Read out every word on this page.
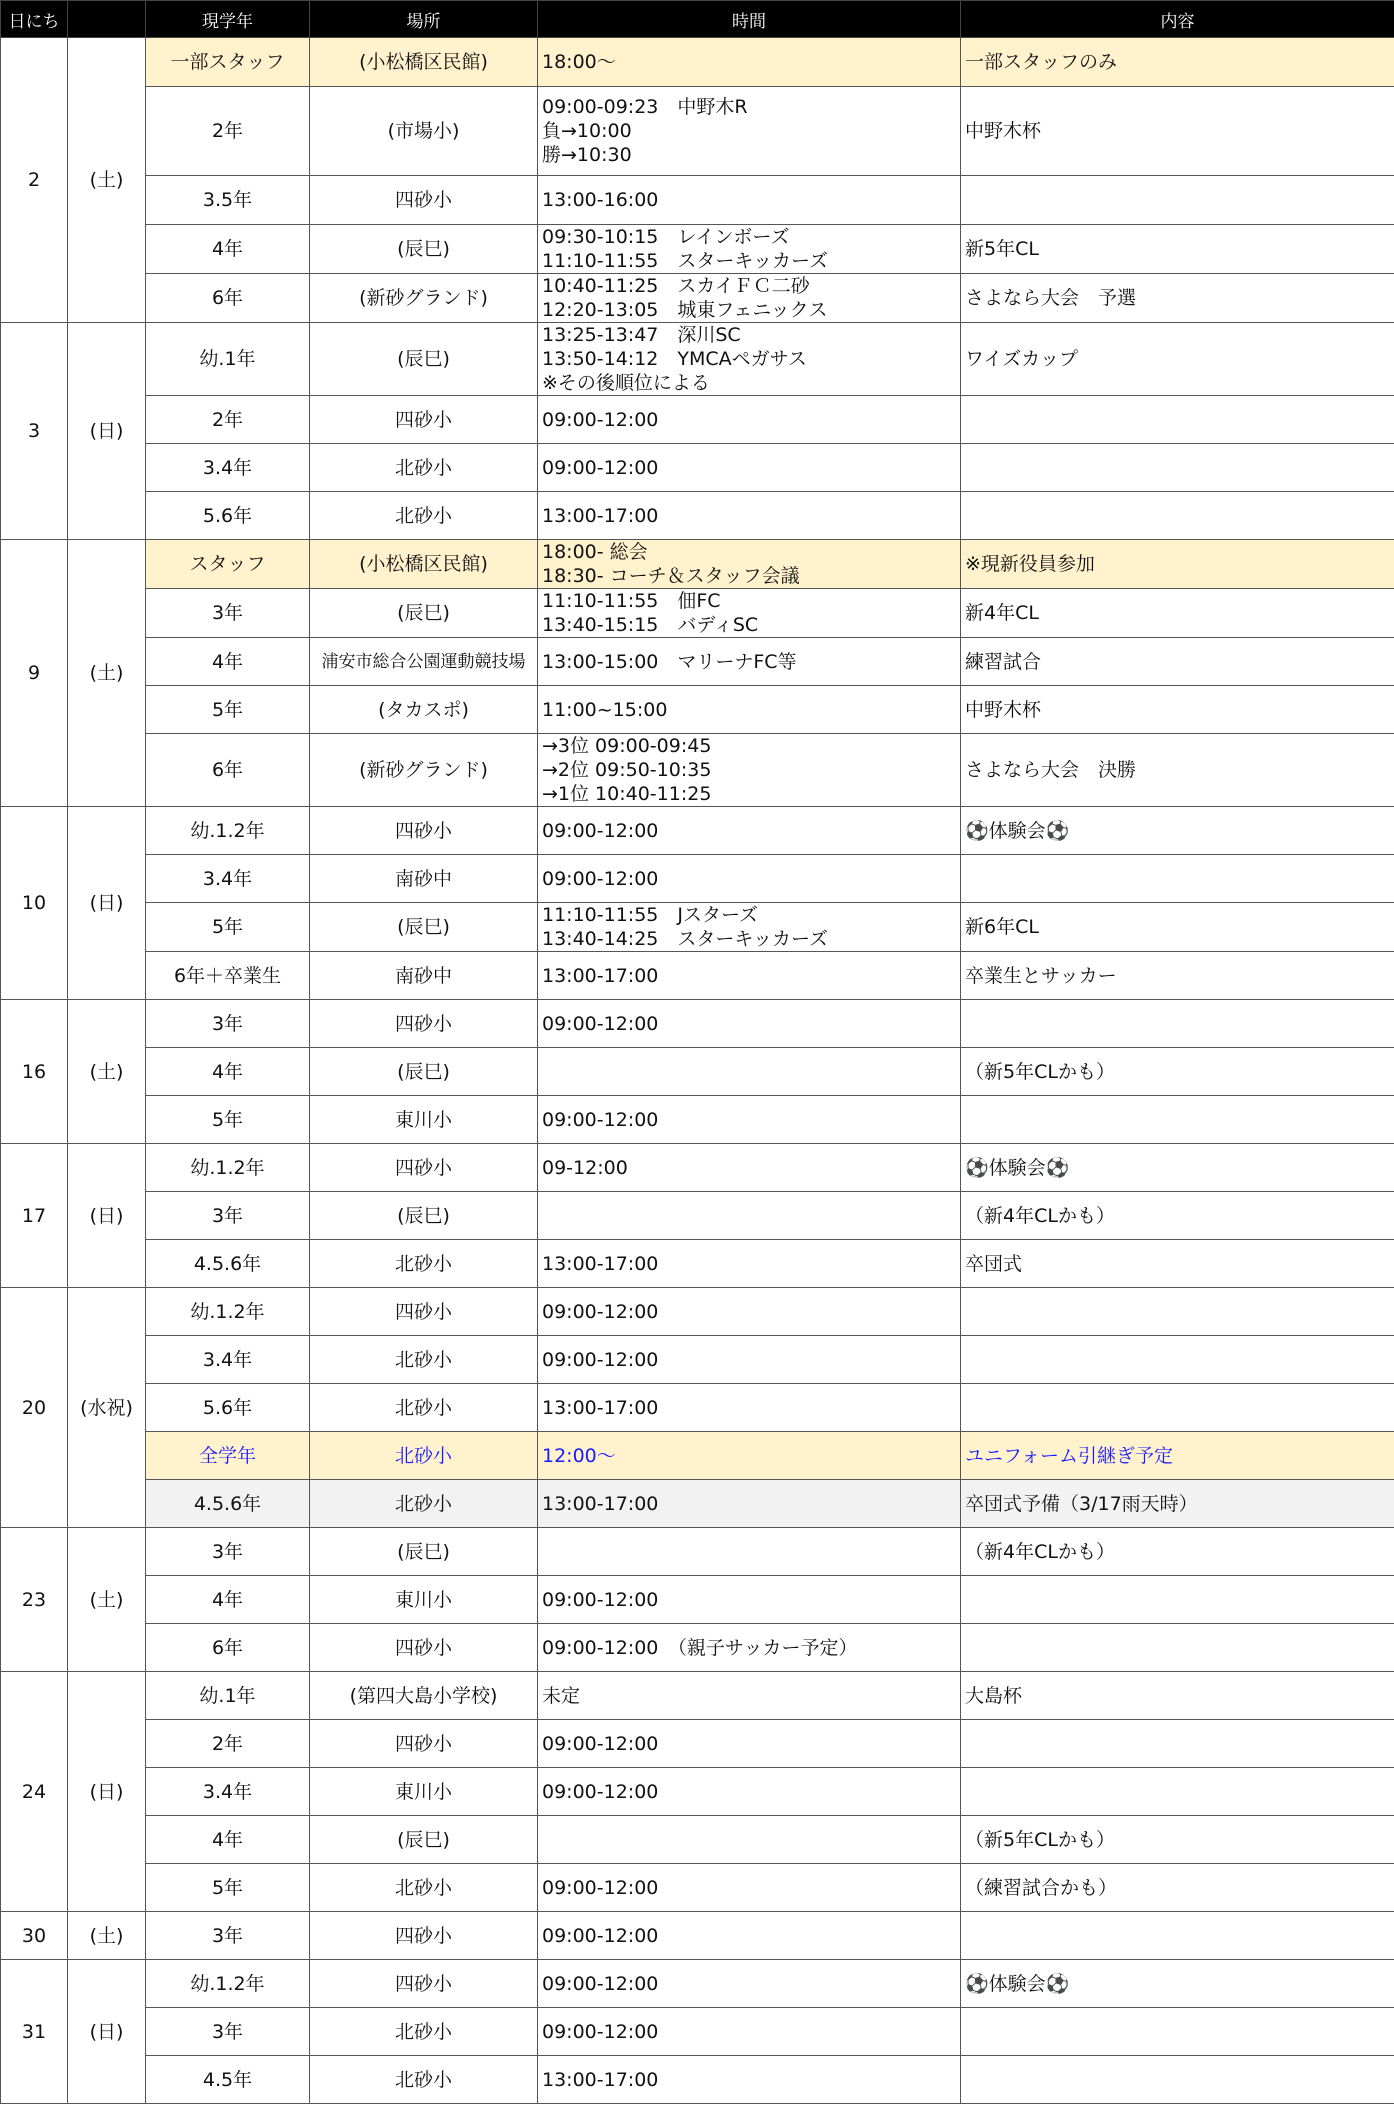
日にち		現学年	場所	時間	内容
2	(土)	一部スタッフ	(小松橋区民館)	18:00～	一部スタッフのみ

		2年	(市場小)	09:00-09:23　中野木R
負→10:00
勝→10:30	中野木杯

		3.5年	四砂小	13:00-16:00	

		4年	(辰巳)	09:30-10:15　レインボーズ
11:10-11:55　スターキッカーズ	新5年CL

		6年	(新砂グランド)	10:40-11:25　スカイＦＣ二砂
12:20-13:05　城東フェニックス	さよなら大会　予選

3	(日)	幼.1年	(辰巳)	13:25-13:47　深川SC
13:50-14:12　YMCAペガサス
※その後順位による	ワイズカップ

		2年	四砂小	09:00-12:00	

		3.4年	北砂小	09:00-12:00	

		5.6年	北砂小	13:00-17:00	

9	(土)	スタッフ	(小松橋区民館)	18:00- 総会
18:30- コーチ＆スタッフ会議	※現新役員参加

		3年	(辰巳)	11:10-11:55　佃FC
13:40-15:15　バディSC	新4年CL

		4年	浦安市総合公園運動競技場	13:00-15:00　マリーナFC等	練習試合

		5年	(タカスポ)	11:00~15:00	中野木杯

		6年	(新砂グランド)	→3位 09:00-09:45
→2位 09:50-10:35
→1位 10:40-11:25	さよなら大会　決勝

10	(日)	幼.1.2年	四砂小	09:00-12:00	⚽体験会⚽

		3.4年	南砂中	09:00-12:00	

		5年	(辰巳)	11:10-11:55　Jスターズ
13:40-14:25　スターキッカーズ	新6年CL

		6年＋卒業生	南砂中	13:00-17:00	卒業生とサッカー

16	(土)	3年	四砂小	09:00-12:00	

		4年	(辰巳)		（新5年CLかも）

		5年	東川小	09:00-12:00	

17	(日)	幼.1.2年	四砂小	09-12:00	⚽体験会⚽

		3年	(辰巳)		（新4年CLかも）

		4.5.6年	北砂小	13:00-17:00	卒団式

20	(水祝)	幼.1.2年	四砂小	09:00-12:00	

		3.4年	北砂小	09:00-12:00	

		5.6年	北砂小	13:00-17:00	

		全学年	北砂小	12:00～	ユニフォーム引継ぎ予定

		4.5.6年	北砂小	13:00-17:00	卒団式予備（3/17雨天時）

23	(土)	3年	(辰巳)		（新4年CLかも）

		4年	東川小	09:00-12:00	

		6年	四砂小	09:00-12:00　（親子サッカー予定）	

24	(日)	幼.1年	(第四大島小学校)	未定	大島杯

		2年	四砂小	09:00-12:00	

		3.4年	東川小	09:00-12:00	

		4年	(辰巳)		（新5年CLかも）

		5年	北砂小	09:00-12:00	（練習試合かも）

30	(土)	3年	四砂小	09:00-12:00	

31	(日)	幼.1.2年	四砂小	09:00-12:00	⚽体験会⚽

		3年	北砂小	09:00-12:00	

		4.5年	北砂小	13:00-17:00	
